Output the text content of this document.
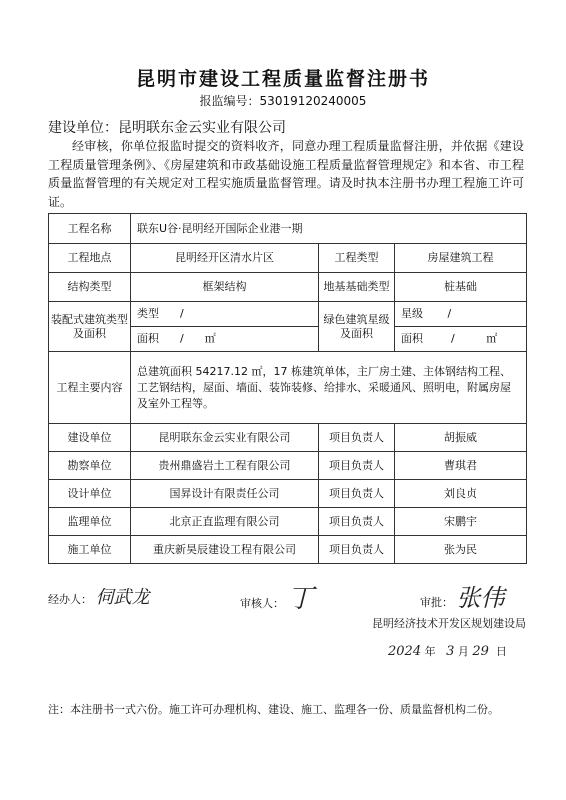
昆明市建设工程质量监督注册书
报监编号：53019120240005
建设单位：昆明联东金云实业有限公司
经审核，你单位报监时提交的资料收齐，同意办理工程质量监督注册，并依据《建设工程质量管理条例》、《房屋建筑和市政基础设施工程质量监督管理规定》和本省、市工程质量监督管理的有关规定对工程实施质量监督管理。请及时执本注册书办理工程施工许可证。
工程名称	联东U谷·昆明经开国际企业港一期		
工程地点	昆明经开区清水片区	工程类型	房屋建筑工程
结构类型	框架结构	地基基础类型	桩基础
装配式建筑类型及面积	类型 /	绿色建筑星级及面积	星级 /
	面积 / ㎡		面积 / ㎡
工程主要内容	总建筑面积 54217.12 ㎡，17 栋建筑单体，主厂房土建、主体钢结构工程、工艺钢结构，屋面、墙面、装饰装修、给排水、采暖通风、照明电，附属房屋及室外工程等。		
建设单位	昆明联东金云实业有限公司	项目负责人	胡振威
勘察单位	贵州鼎盛岩土工程有限公司	项目负责人	曹琪君
设计单位	国昇设计有限责任公司	项目负责人	刘良贞
监理单位	北京正直监理有限公司	项目负责人	宋鹏宇
施工单位	重庆新昊辰建设工程有限公司	项目负责人	张为民
经办人： 伺武龙	审核人： 丁	审批： 张伟
昆明经济技术开发区规划建设局
2024 年 3 月 29 日
注：本注册书一式六份。施工许可办理机构、建设、施工、监理各一份、质量监督机构二份。
